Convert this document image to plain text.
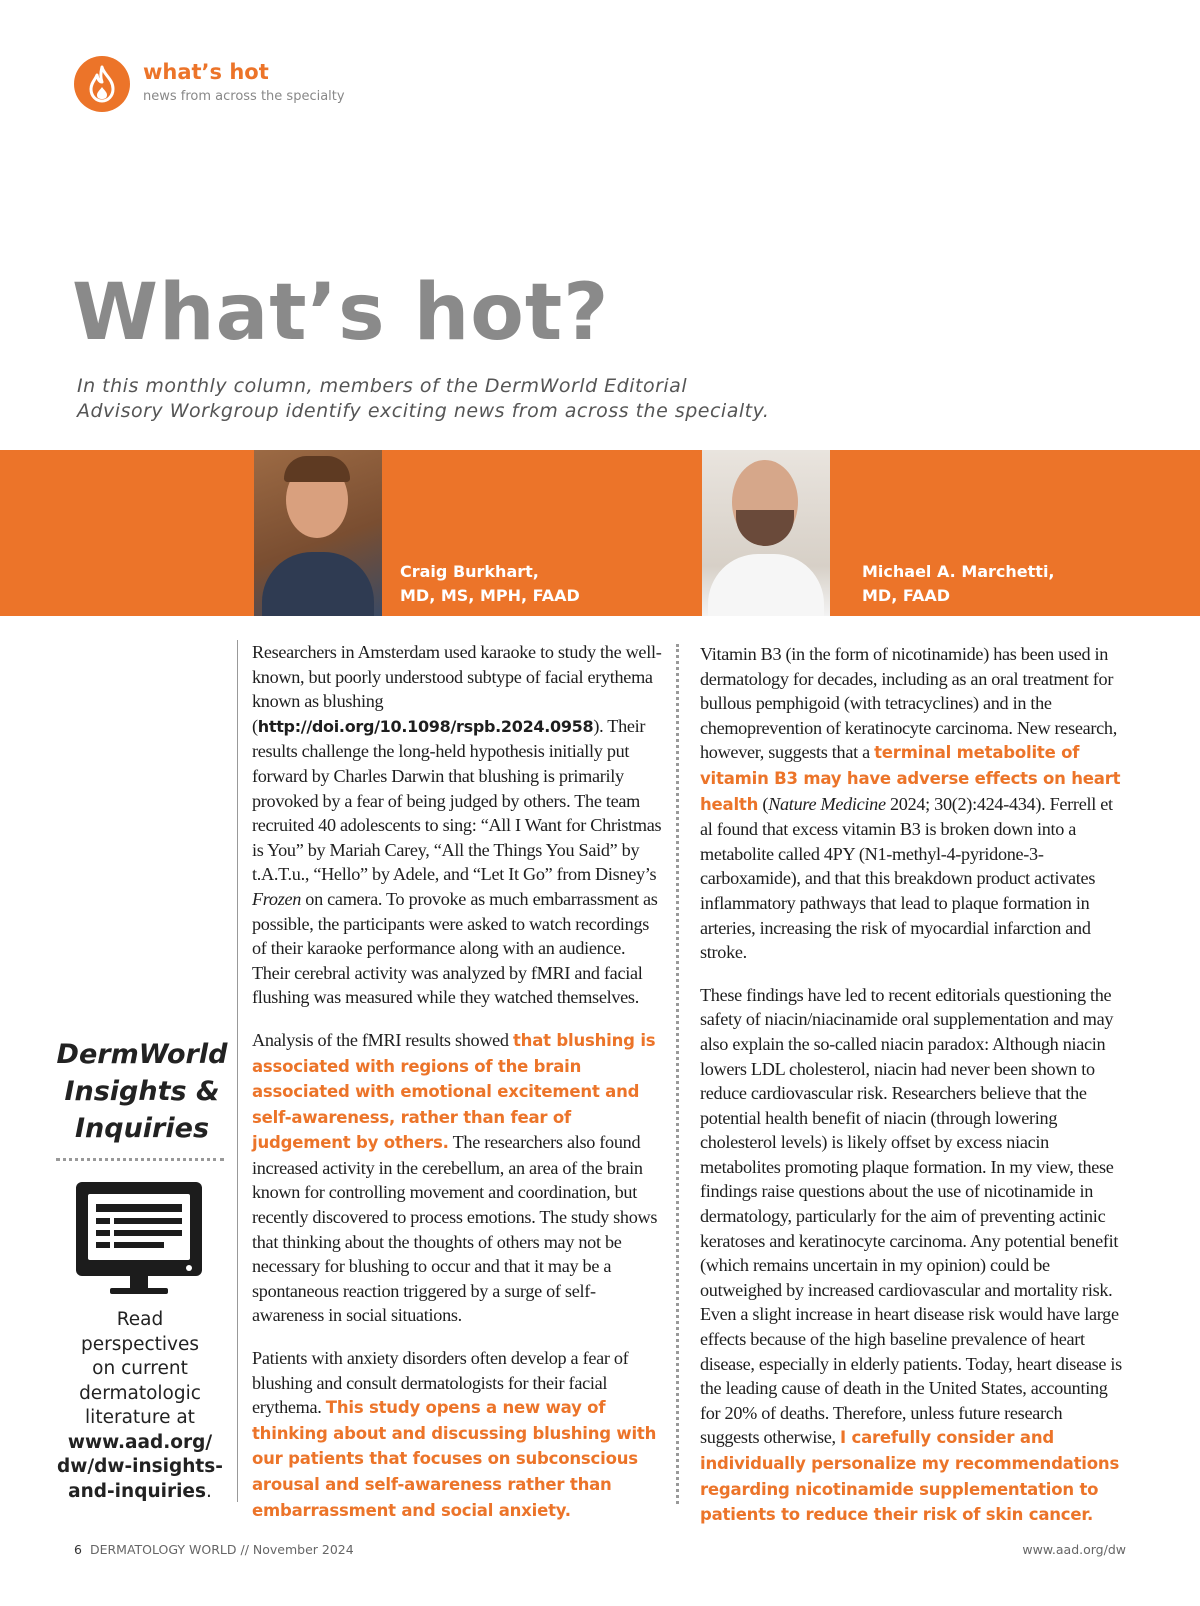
what’s hot
news from across the specialty
What’s hot?
In this monthly column, members of the DermWorld Editorial
Advisory Workgroup identify exciting news from across the specialty.
Craig Burkhart,
MD, MS, MPH, FAAD
Michael A. Marchetti,
MD, FAAD

Researchers in Amsterdam used karaoke to study the well-known, but poorly understood subtype of facial erythema known as blushing (http://doi.org/10.1098/rspb.2024.0958). Their results challenge the long-held hypothesis initially put forward by Charles Darwin that blushing is primarily provoked by a fear of being judged by others. The team recruited 40 adolescents to sing: “All I Want for Christmas is You” by Mariah Carey, “All the Things You Said” by t.A.T.u., “Hello” by Adele, and “Let It Go” from Disney’s Frozen on camera. To provoke as much embarrassment as possible, the participants were asked to watch recordings of their karaoke performance along with an audience. Their cerebral activity was analyzed by fMRI and facial flushing was measured while they watched themselves.

Analysis of the fMRI results showed that blushing is associated with regions of the brain associated with emotional excitement and self-awareness, rather than fear of judgement by others. The researchers also found increased activity in the cerebellum, an area of the brain known for controlling movement and coordination, but recently discovered to process emotions. The study shows that thinking about the thoughts of others may not be necessary for blushing to occur and that it may be a spontaneous reaction triggered by a surge of self-awareness in social situations.

Patients with anxiety disorders often develop a fear of blushing and consult dermatologists for their facial erythema. This study opens a new way of thinking about and discussing blushing with our patients that focuses on subconscious arousal and self-awareness rather than embarrassment and social anxiety.

Vitamin B3 (in the form of nicotinamide) has been used in dermatology for decades, including as an oral treatment for bullous pemphigoid (with tetracyclines) and in the chemoprevention of keratinocyte carcinoma. New research, however, suggests that a terminal metabolite of vitamin B3 may have adverse effects on heart health (Nature Medicine 2024; 30(2):424-434). Ferrell et al found that excess vitamin B3 is broken down into a metabolite called 4PY (N1-methyl-4-pyridone-3-carboxamide), and that this breakdown product activates inflammatory pathways that lead to plaque formation in arteries, increasing the risk of myocardial infarction and stroke.

These findings have led to recent editorials questioning the safety of niacin/niacinamide oral supplementation and may also explain the so-called niacin paradox: Although niacin lowers LDL cholesterol, niacin had never been shown to reduce cardiovascular risk. Researchers believe that the potential health benefit of niacin (through lowering cholesterol levels) is likely offset by excess niacin metabolites promoting plaque formation. In my view, these findings raise questions about the use of nicotinamide in dermatology, particularly for the aim of preventing actinic keratoses and keratinocyte carcinoma. Any potential benefit (which remains uncertain in my opinion) could be outweighed by increased cardiovascular and mortality risk. Even a slight increase in heart disease risk would have large effects because of the high baseline prevalence of heart disease, especially in elderly patients. Today, heart disease is the leading cause of death in the United States, accounting for 20% of deaths. Therefore, unless future research suggests otherwise, I carefully consider and individually personalize my recommendations regarding nicotinamide supplementation to patients to reduce their risk of skin cancer.

DermWorld
Insights &
Inquiries
Read
perspectives
on current
dermatologic
literature at
www.aad.org/
dw/dw-insights-
and-inquiries.
6 DERMATOLOGY WORLD // November 2024	www.aad.org/dw
